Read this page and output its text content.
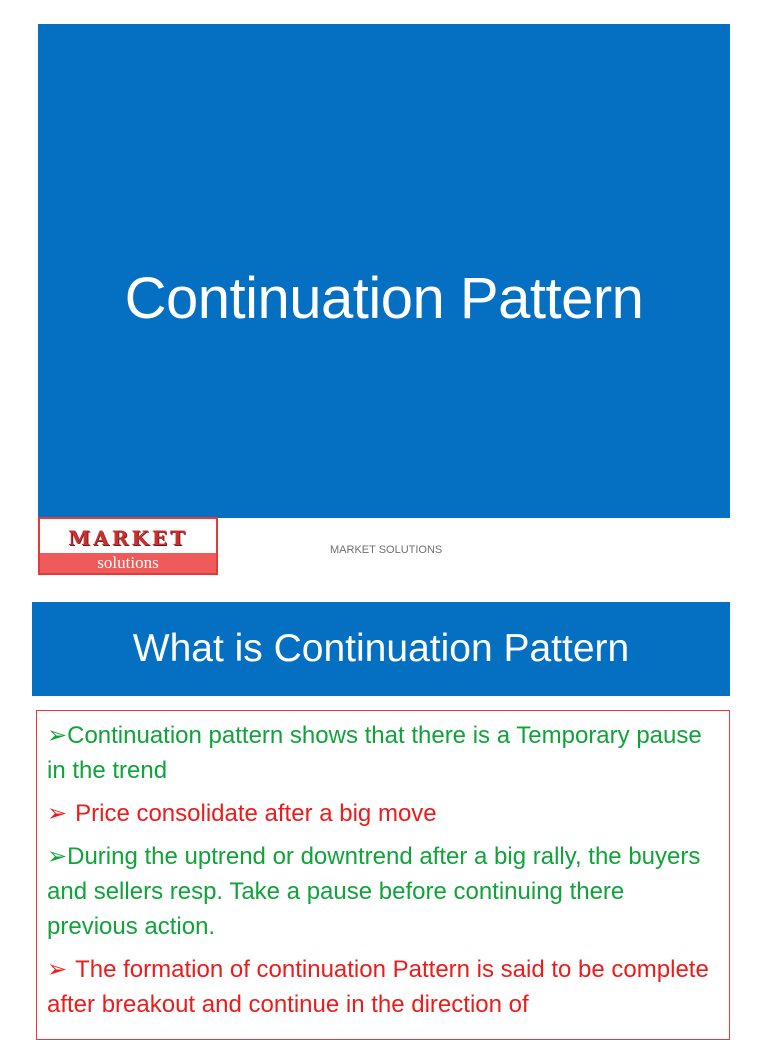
Continuation Pattern
MARKET
solutions
MARKET SOLUTIONS
What is Continuation Pattern
➢Continuation pattern shows that there is a Temporary pause in the trend
➢ Price consolidate after a big move
➢During the uptrend or downtrend after a big rally, the buyers and sellers resp. Take a pause before continuing there previous action.
➢ The formation of continuation Pattern is said to be complete after breakout and continue in the direction of
